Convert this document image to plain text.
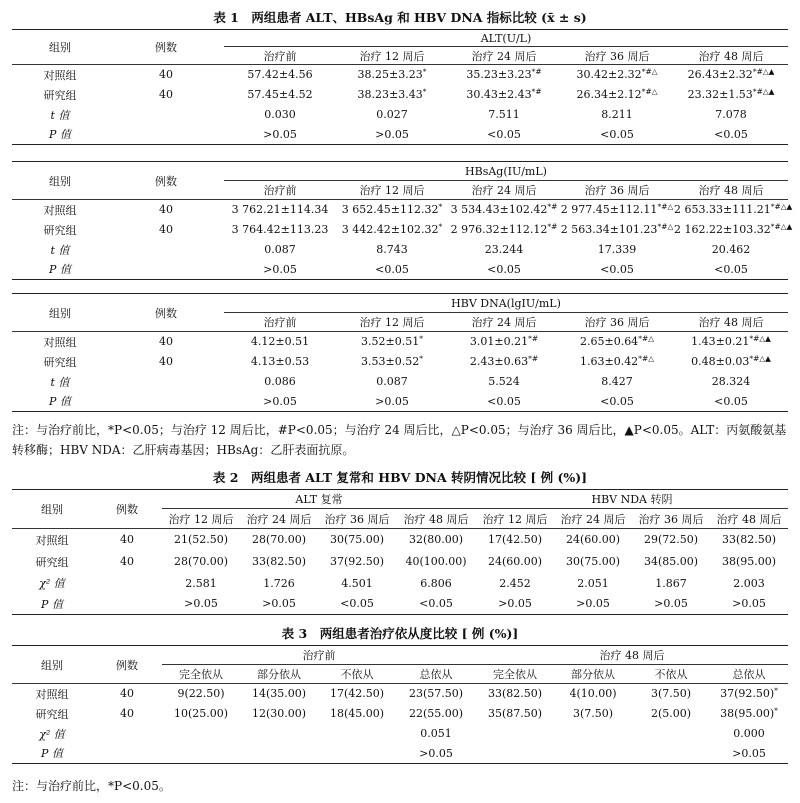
表 1　两组患者 ALT、HBsAg 和 HBV DNA 指标比较 (x̄ ± s)
组别	例数	ALT(U/L)				
		治疗前	治疗 12 周后	治疗 24 周后	治疗 36 周后	治疗 48 周后
对照组	40	57.42±4.56	38.25±3.23*	35.23±3.23*#	30.42±2.32*#△	26.43±2.32*#△▲
研究组	40	57.45±4.52	38.23±3.43*	30.43±2.43*#	26.34±2.12*#△	23.32±1.53*#△▲
t 值		0.030	0.027	7.511	8.211	7.078
P 值		>0.05	>0.05	<0.05	<0.05	<0.05
组别	例数	HBsAg(IU/mL)				
		治疗前	治疗 12 周后	治疗 24 周后	治疗 36 周后	治疗 48 周后
对照组	40	3 762.21±114.34	3 652.45±112.32*	3 534.43±102.42*#	2 977.45±112.11*#△	2 653.33±111.21*#△▲
研究组	40	3 764.42±113.23	3 442.42±102.32*	2 976.32±112.12*#	2 563.34±101.23*#△	2 162.22±103.32*#△▲
t 值		0.087	8.743	23.244	17.339	20.462
P 值		>0.05	<0.05	<0.05	<0.05	<0.05
组别	例数	HBV DNA(lgIU/mL)				
		治疗前	治疗 12 周后	治疗 24 周后	治疗 36 周后	治疗 48 周后
对照组	40	4.12±0.51	3.52±0.51*	3.01±0.21*#	2.65±0.64*#△	1.43±0.21*#△▲
研究组	40	4.13±0.53	3.53±0.52*	2.43±0.63*#	1.63±0.42*#△	0.48±0.03*#△▲
t 值		0.086	0.087	5.524	8.427	28.324
P 值		>0.05	>0.05	<0.05	<0.05	<0.05
注：与治疗前比，*P<0.05；与治疗 12 周后比，#P<0.05；与治疗 24 周后比，△P<0.05；与治疗 36 周后比，▲P<0.05。ALT：丙氨酸氨基转移酶；HBV NDA：乙肝病毒基因；HBsAg：乙肝表面抗原。
表 2　两组患者 ALT 复常和 HBV DNA 转阴情况比较 [ 例 (%)]
组别	例数	ALT 复常				HBV NDA 转阴			
		治疗 12 周后	治疗 24 周后	治疗 36 周后	治疗 48 周后	治疗 12 周后	治疗 24 周后	治疗 36 周后	治疗 48 周后
对照组	40	21(52.50)	28(70.00)	30(75.00)	32(80.00)	17(42.50)	24(60.00)	29(72.50)	33(82.50)
研究组	40	28(70.00)	33(82.50)	37(92.50)	40(100.00)	24(60.00)	30(75.00)	34(85.00)	38(95.00)
χ² 值		2.581	1.726	4.501	6.806	2.452	2.051	1.867	2.003
P 值		>0.05	>0.05	<0.05	<0.05	>0.05	>0.05	>0.05	>0.05
表 3　两组患者治疗依从度比较 [ 例 (%)]
组别	例数	治疗前				治疗 48 周后			
		完全依从	部分依从	不依从	总依从	完全依从	部分依从	不依从	总依从
对照组	40	9(22.50)	14(35.00)	17(42.50)	23(57.50)	33(82.50)	4(10.00)	3(7.50)	37(92.50)*
研究组	40	10(25.00)	12(30.00)	18(45.00)	22(55.00)	35(87.50)	3(7.50)	2(5.00)	38(95.00)*
χ² 值					0.051				0.000
P 值					>0.05				>0.05
注：与治疗前比，*P<0.05。
